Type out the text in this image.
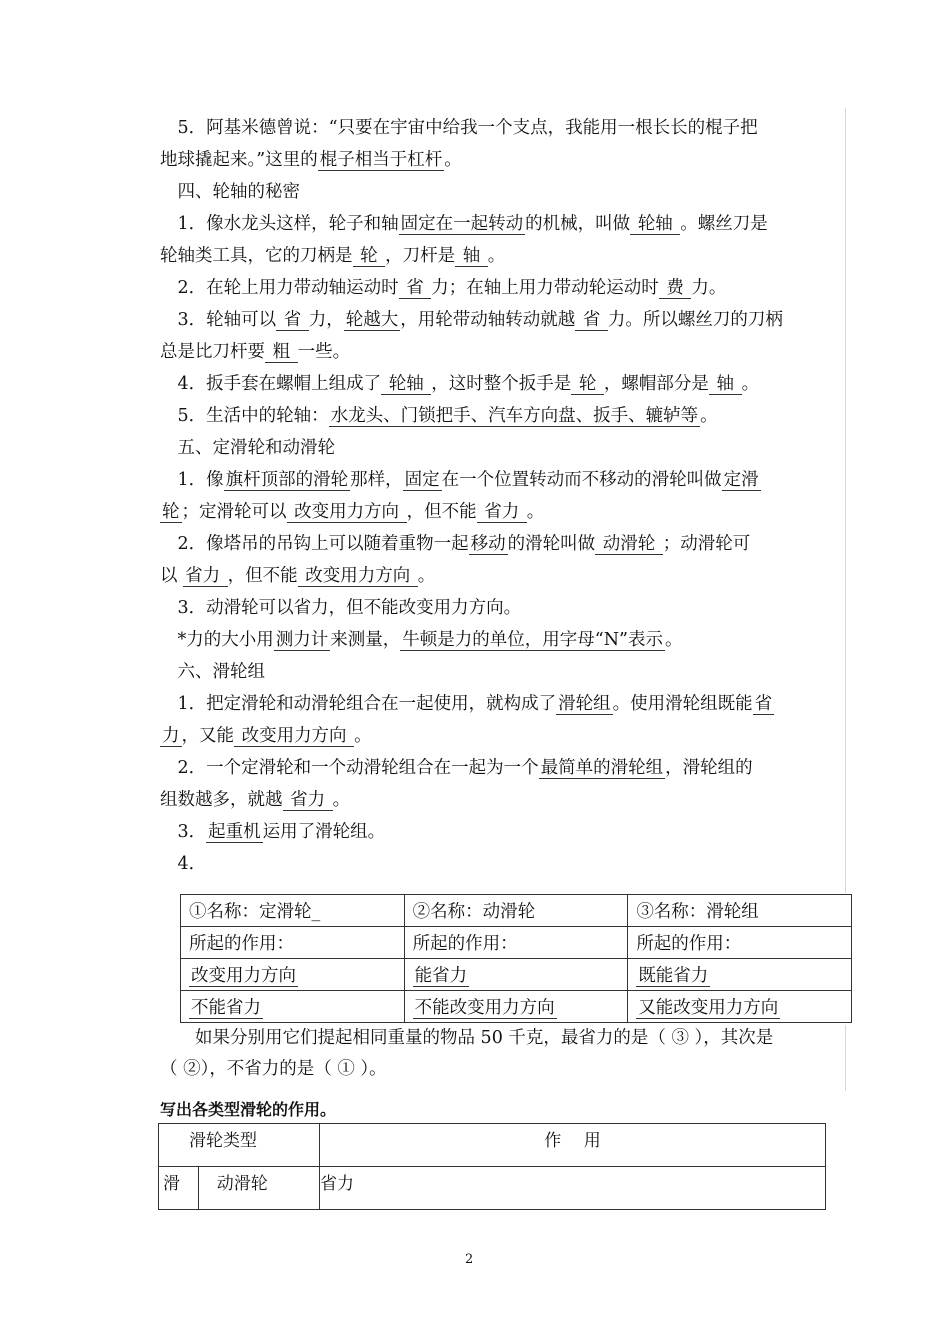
　5．阿基米德曾说：“只要在宇宙中给我一个支点，我能用一根长长的棍子把
地球撬起来。”这里的 棍子相当于杠杆 。
　四、轮轴的秘密
　1．像水龙头这样，轮子和轴 固定在一起转动 的机械，叫做 轮轴 。螺丝刀是
轮轴类工具，它的刀柄是 轮 ，刀杆是 轴 。
　2．在轮上用力带动轴运动时 省 力；在轴上用力带动轮运动时 费 力。
　3．轮轴可以 省 力， 轮越大 ，用轮带动轴转动就越 省 力。所以螺丝刀的刀柄
总是比刀杆要 粗 一些。
　4．扳手套在螺帽上组成了 轮轴 ，这时整个扳手是 轮 ，螺帽部分是 轴 。
　5．生活中的轮轴： 水龙头、门锁把手、汽车方向盘、扳手、辘轳等 。
　五、定滑轮和动滑轮
　1．像 旗杆顶部的滑轮 那样， 固定 在一个位置转动而不移动的滑轮叫做 定滑
轮 ；定滑轮可以 改变用力方向 ，但不能 省力 。
　2．像塔吊的吊钩上可以随着重物一起 移动 的滑轮叫做 动滑轮 ；动滑轮可
以 省力 ，但不能 改变用力方向 。
　3．动滑轮可以省力，但不能改变用力方向。
　*力的大小用 测力计 来测量， 牛顿是力的单位，用字母“N”表示 。
　六、滑轮组
　1．把定滑轮和动滑轮组合在一起使用，就构成了 滑轮组 。使用滑轮组既能 省
力 ，又能 改变用力方向 。
　2．一个定滑轮和一个动滑轮组合在一起为一个 最简单的滑轮组 ，滑轮组的
组数越多，就越 省力 。
　3． 起重机 运用了滑轮组。
　4．
①名称：定滑轮_	②名称：动滑轮	③名称：滑轮组
所起的作用：	所起的作用：	所起的作用：
改变用力方向	能省力	既能省力
不能省力	不能改变用力方向	又能改变用力方向
　　如果分别用它们提起相同重量的物品 50 千克，最省力的是（ ③ ），其次是
（ ②），不省力的是（ ① ）。
写出各类型滑轮的作用。
滑轮类型		作　 用
滑	动滑轮	省力
2
